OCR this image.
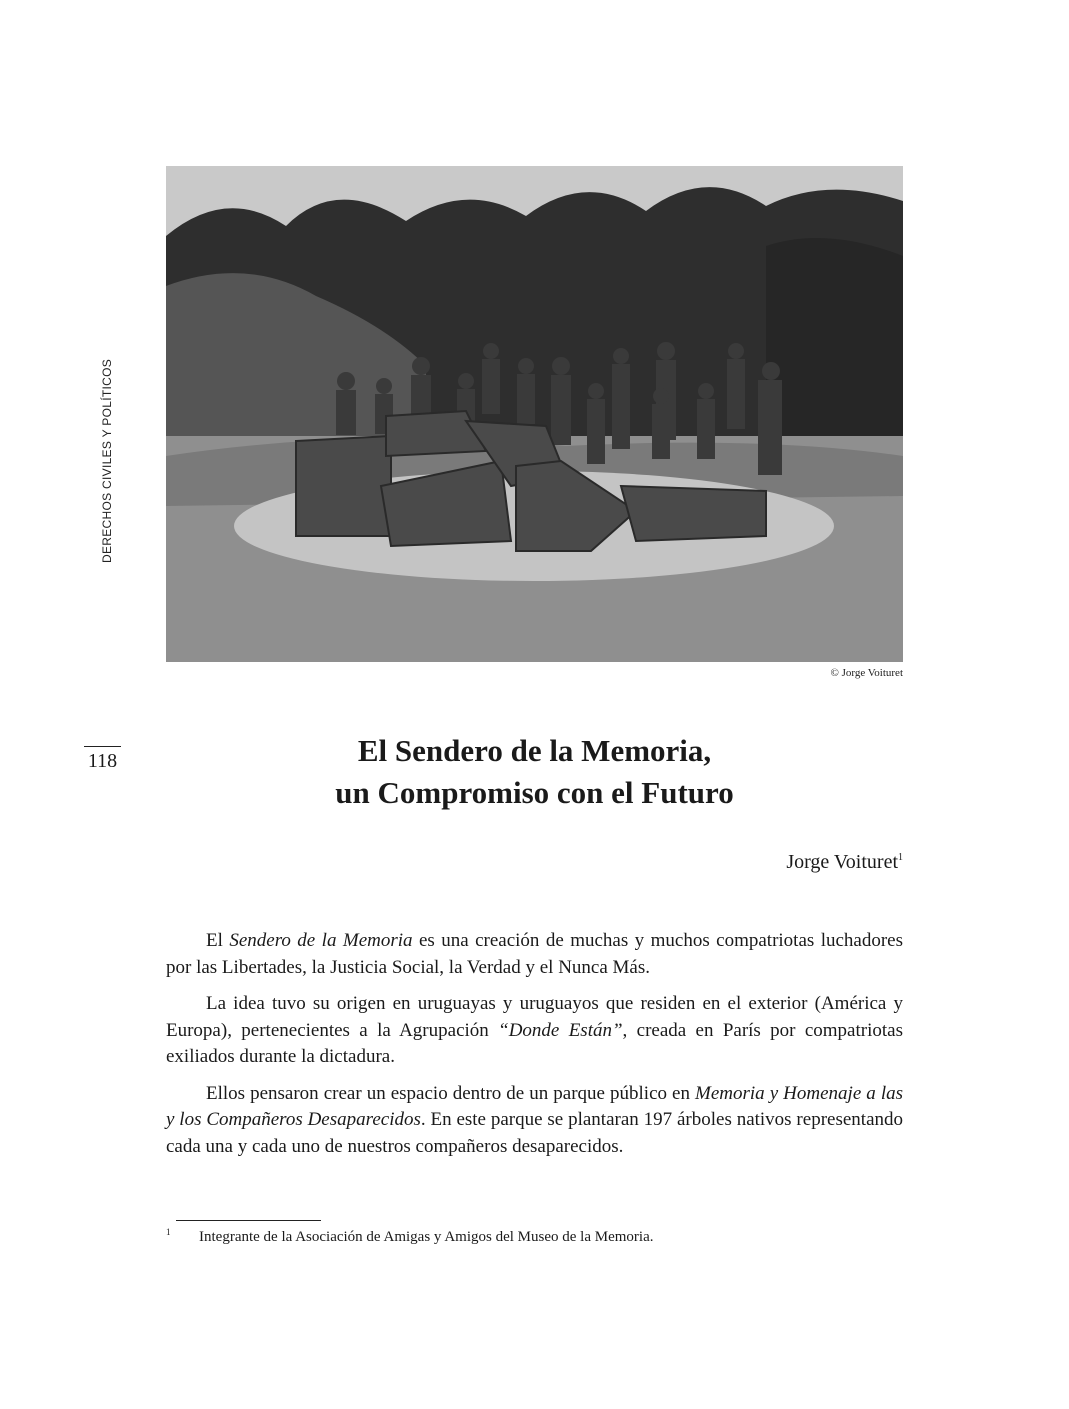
DERECHOS CIVILES Y POLÍTICOS
© Jorge Voituret
118	El Sendero de la Memoria,
un Compromiso con el Futuro
Jorge Voituret$^1$

El Sendero de la Memoria es una creación de muchas y muchos compatriotas luchadores por las Libertades, la Justicia Social, la Verdad y el Nunca Más.

La idea tuvo su origen en uruguayas y uruguayos que residen en el exterior (América y Europa), pertenecientes a la Agrupación “Donde Están”, creada en París por compatriotas exiliados durante la dictadura.

Ellos pensaron crear un espacio dentro de un parque público en Memoria y Homenaje a las y los Compañeros Desaparecidos. En este parque se plantaran 197 árboles nativos representando cada una y cada uno de nuestros compañeros desaparecidos.

1 Integrante de la Asociación de Amigas y Amigos del Museo de la Memoria.
